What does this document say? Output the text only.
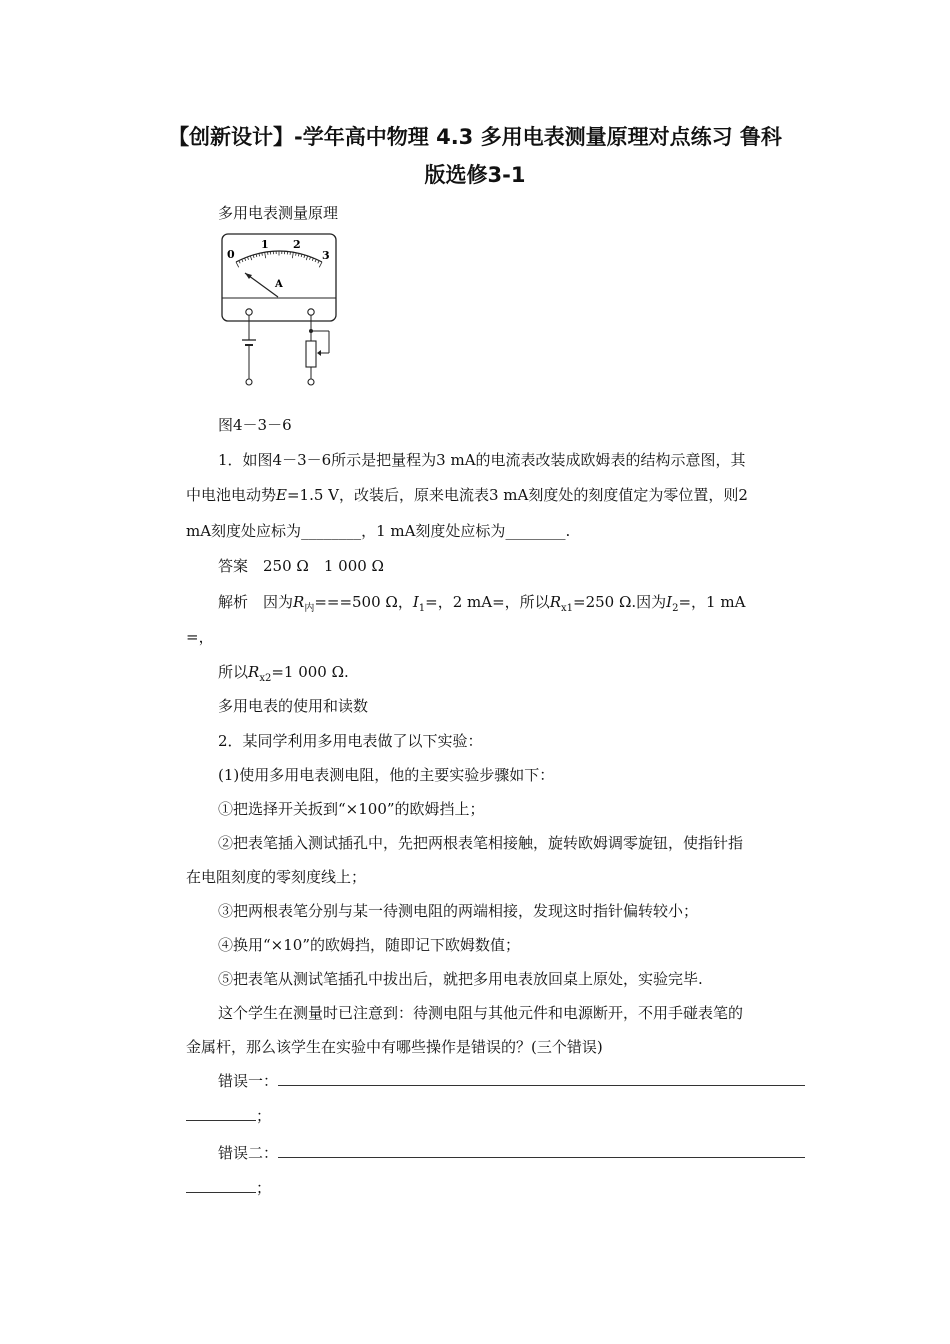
【创新设计】-学年高中物理 4.3 多用电表测量原理对点练习 鲁科
版选修3-1
多用电表测量原理
0
1 2
3
A
图4－3－6
1．如图4－3－6所示是把量程为3 mA的电流表改装成欧姆表的结构示意图，其
中电池电动势E=1.5 V，改装后，原来电流表3 mA刻度处的刻度值定为零位置，则2
mA刻度处应标为________，1 mA刻度处应标为________.
答案　250 Ω　1 000 Ω
解析　因为$R_内===500$ Ω，$I_1=$，2 mA=，所以$R_{x1}=250$ Ω.因为$I_2=$，1 mA
=，
所以$R_{x2}=1$ 000 Ω.
多用电表的使用和读数
2．某同学利用多用电表做了以下实验：
(1)使用多用电表测电阻，他的主要实验步骤如下：
①把选择开关扳到“×100”的欧姆挡上；
②把表笔插入测试插孔中，先把两根表笔相接触，旋转欧姆调零旋钮，使指针指
在电阻刻度的零刻度线上；
③把两根表笔分别与某一待测电阻的两端相接，发现这时指针偏转较小；
④换用“×10”的欧姆挡，随即记下欧姆数值；
⑤把表笔从测试笔插孔中拔出后，就把多用电表放回桌上原处，实验完毕.
这个学生在测量时已注意到：待测电阻与其他元件和电源断开，不用手碰表笔的
金属杆，那么该学生在实验中有哪些操作是错误的？(三个错误)
错误一：
；
错误二：
；
